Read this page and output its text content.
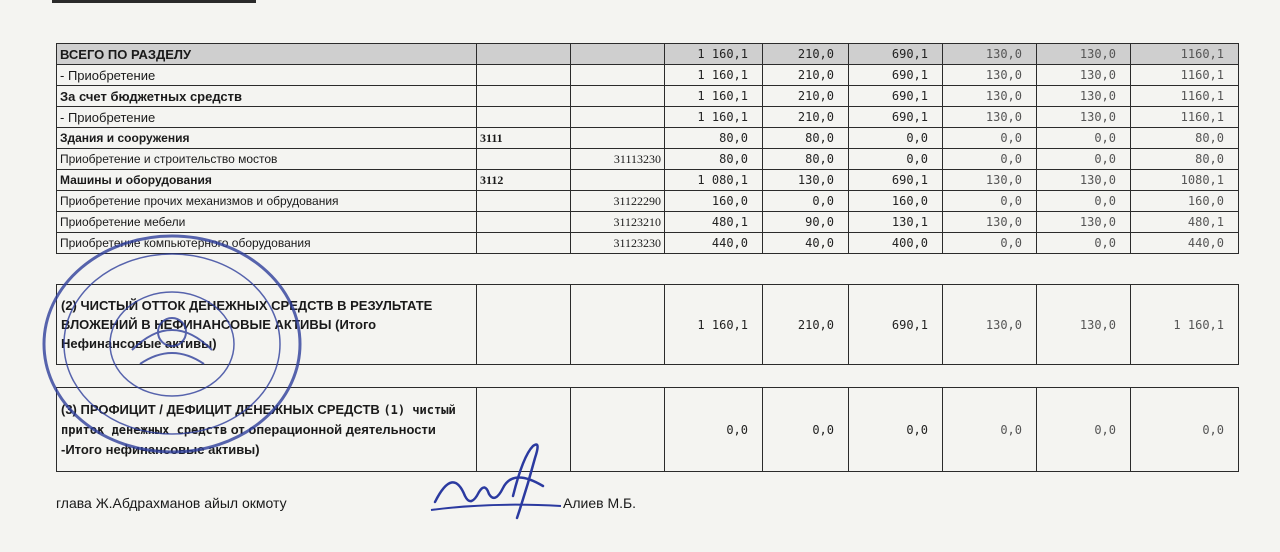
ВСЕГО ПО РАЗДЕЛУ			1 160,1	210,0	690,1	130,0	130,0	1160,1
- Приобретение			1 160,1	210,0	690,1	130,0	130,0	1160,1
За счет бюджетных средств			1 160,1	210,0	690,1	130,0	130,0	1160,1
- Приобретение			1 160,1	210,0	690,1	130,0	130,0	1160,1
Здания и сооружения	3111		80,0	80,0	0,0	0,0	0,0	80,0
Приобретение и строительство мостов		31113230	80,0	80,0	0,0	0,0	0,0	80,0
Машины и оборудования	3112		1 080,1	130,0	690,1	130,0	130,0	1080,1
Приобретение прочих механизмов и обрудования		31122290	160,0	0,0	160,0	0,0	0,0	160,0
Приобретение мебели		31123210	480,1	90,0	130,1	130,0	130,0	480,1
Приобретение компьютерного оборудования		31123230	440,0	40,0	400,0	0,0	0,0	440,0
(2) ЧИСТЫЙ ОТТОК ДЕНЕЖНЫХ СРЕДСТВ В РЕЗУЛЬТАТЕ ВЛОЖЕНИЙ В НЕФИНАНСОВЫЕ АКТИВЫ (Итого Нефинансовые активы)			1 160,1	210,0	690,1	130,0	130,0	1 160,1
(3) ПРОФИЦИТ / ДЕФИЦИТ ДЕНЕЖНЫХ СРЕДСТВ (1) чистый приток денежных средств от операционной деятельности -Итого нефинансовые активы)			0,0	0,0	0,0	0,0	0,0	0,0
глава Ж.Абдрахманов айыл окмоту	Алиев М.Б.
